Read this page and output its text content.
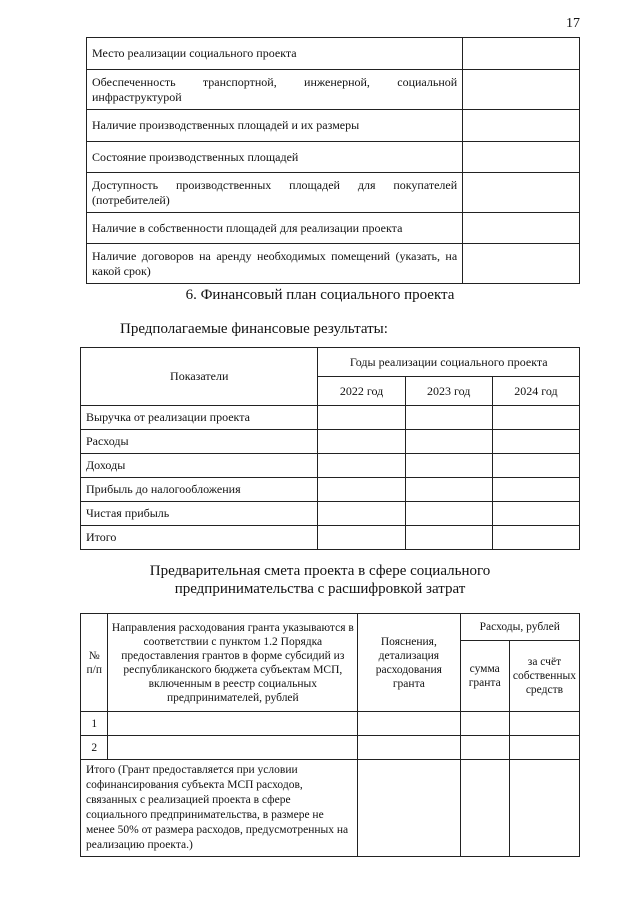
17
Место реализации социального проекта	
Обеспеченность транспортной, инженерной, социальной инфраструктурой	
Наличие производственных площадей и их размеры	
Состояние производственных площадей	
Доступность производственных площадей для покупателей (потребителей)	
Наличие в собственности площадей для реализации проекта	
Наличие договоров на аренду необходимых помещений (указать, на какой срок)	
6. Финансовый план социального проекта
Предполагаемые финансовые результаты:
Показатели	Годы реализации социального проекта		
	2022 год	2023 год	2024 год
Выручка от реализации проекта			
Расходы			
Доходы			
Прибыль до налогообложения			
Чистая прибыль			
Итого			
Предварительная смета проекта в сфере социального
предпринимательства с расшифровкой затрат
№ п/п	Направления расходования гранта указываются в соответствии с пунктом 1.2 Порядка предоставления грантов в форме субсидий из республиканского бюджета субъектам МСП, включенным в реестр социальных предпринимателей, рублей	Пояснения, детализация расходования гранта	Расходы, рублей	
			сумма гранта	за счёт собственных средств
1				
2				
Итого (Грант предоставляется при условии софинансирования субъекта МСП расходов, связанных с реализацией проекта в сфере социального предпринимательства, в размере не менее 50% от размера расходов, предусмотренных на реализацию проекта.)				
